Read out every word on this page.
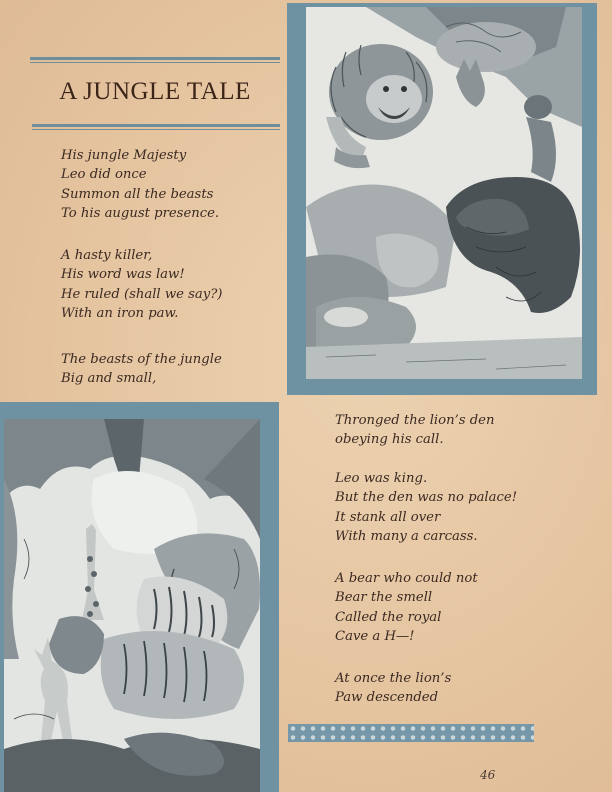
A JUNGLE TALE
His jungle Majesty
Leo did once
Summon all the beasts
To his august presence.
A hasty killer,
His word was law!
He ruled (shall we say?)
With an iron paw.
The beasts of the jungle
Big and small,
Thronged the lion’s den
obeying his call.
Leo was king.
But the den was no palace!
It stank all over
With many a carcass.
A bear who could not
Bear the smell
Called the royal
Cave a H—!
At once the lion’s
Paw descended
46
